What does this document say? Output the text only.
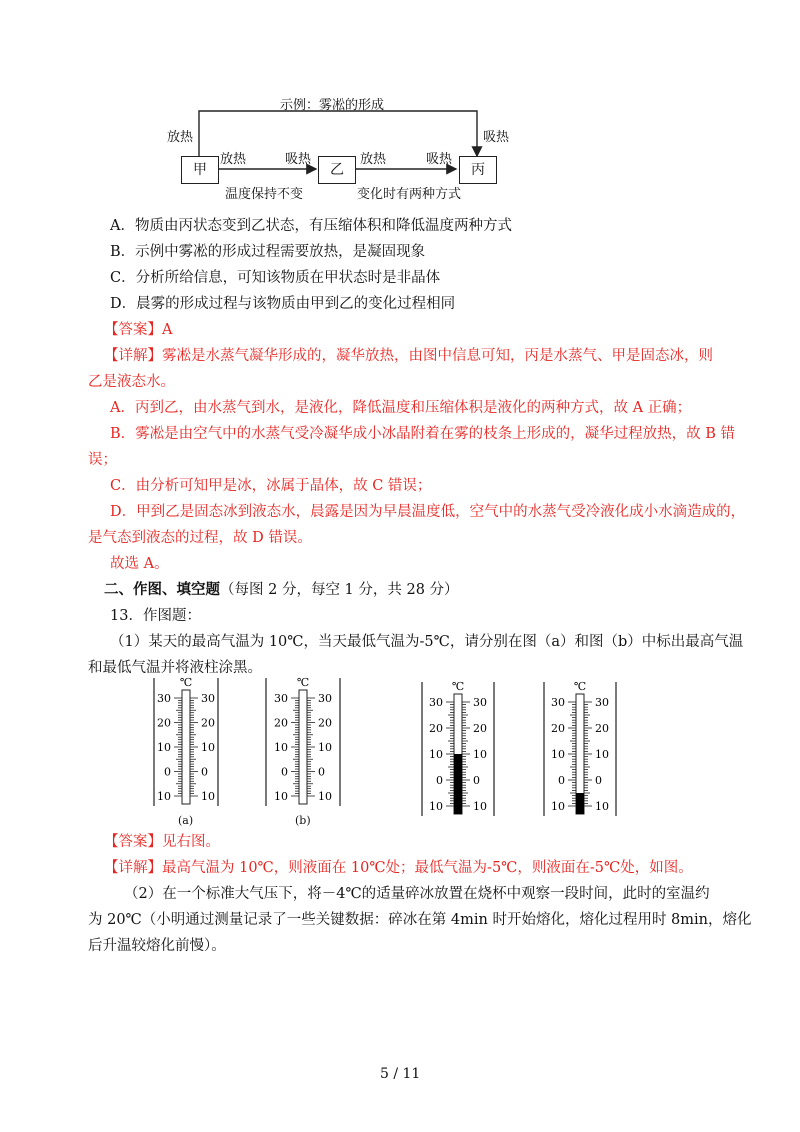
示例：雾凇的形成
放热	吸热
甲	乙	丙
放热	吸热	放热	吸热
温度保持不变	变化时有两种方式
A．物质由丙状态变到乙状态，有压缩体积和降低温度两种方式
B．示例中雾凇的形成过程需要放热，是凝固现象
C．分析所给信息，可知该物质在甲状态时是非晶体
D．晨雾的形成过程与该物质由甲到乙的变化过程相同
【答案】A
【详解】雾凇是水蒸气凝华形成的，凝华放热，由图中信息可知，丙是水蒸气、甲是固态冰，则
乙是液态水。
A．丙到乙，由水蒸气到水，是液化，降低温度和压缩体积是液化的两种方式，故 A 正确；
B．雾凇是由空气中的水蒸气受冷凝华成小冰晶附着在雾的枝条上形成的，凝华过程放热，故 B 错
误；
C．由分析可知甲是冰，冰属于晶体，故 C 错误；
D．甲到乙是固态冰到液态水，晨露是因为早晨温度低，空气中的水蒸气受冷液化成小水滴造成的，
是气态到液态的过程，故 D 错误。
故选 A。
二、作图、填空题（每图 2 分，每空 1 分，共 28 分）
13．作图题：
（1）某天的最高气温为 10℃，当天最低气温为-5℃，请分别在图（a）和图（b）中标出最高气温
和最低气温并将液柱涂黑。
℃
30	30
20	20
10	10
0	0
10	10
(a)
℃
30	30
20	20
10	10
0	0
10	10
(b)
℃
30	30
20	20
10	10
0	0
10	10
℃
30	30
20	20
10	10
0	0
10	10
【答案】见右图。
【详解】最高气温为 10℃，则液面在 10℃处；最低气温为-5℃，则液面在-5℃处，如图。
（2）在一个标准大气压下，将－4℃的适量碎冰放置在烧杯中观察一段时间，此时的室温约
为 20℃（小明通过测量记录了一些关键数据：碎冰在第 4min 时开始熔化，熔化过程用时 8min，熔化
后升温较熔化前慢）。
5 / 11
